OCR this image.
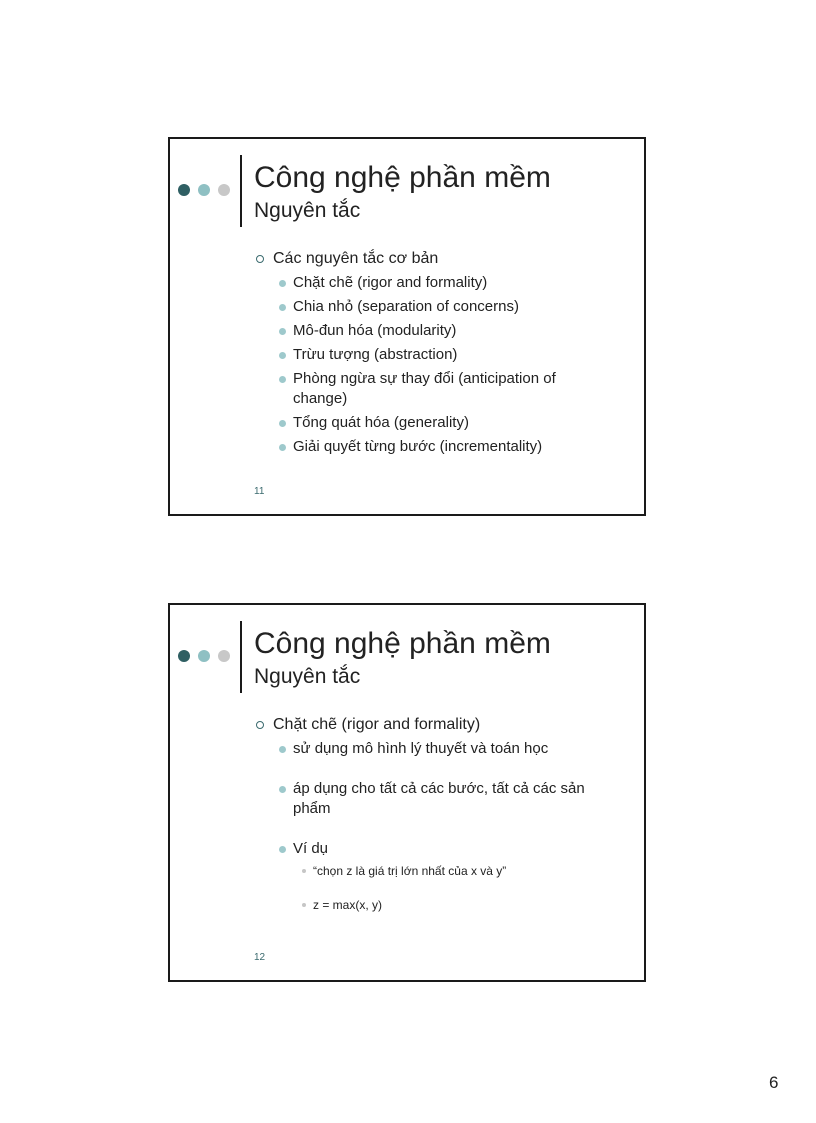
Công nghệ phần mềm
Nguyên tắc
Các nguyên tắc cơ bản
Chặt chẽ (rigor and formality)
Chia nhỏ (separation of concerns)
Mô-đun hóa (modularity)
Trừu tượng (abstraction)
Phòng ngừa sự thay đổi (anticipation of change)
Tổng quát hóa (generality)
Giải quyết từng bước (incrementality)
11
Công nghệ phần mềm
Nguyên tắc
Chặt chẽ (rigor and formality)
sử dụng mô hình lý thuyết và toán học
áp dụng cho tất cả các bước, tất cả các sản phẩm
Ví dụ
“chọn z là giá trị lớn nhất của x và y”
z = max(x, y)
12
6
